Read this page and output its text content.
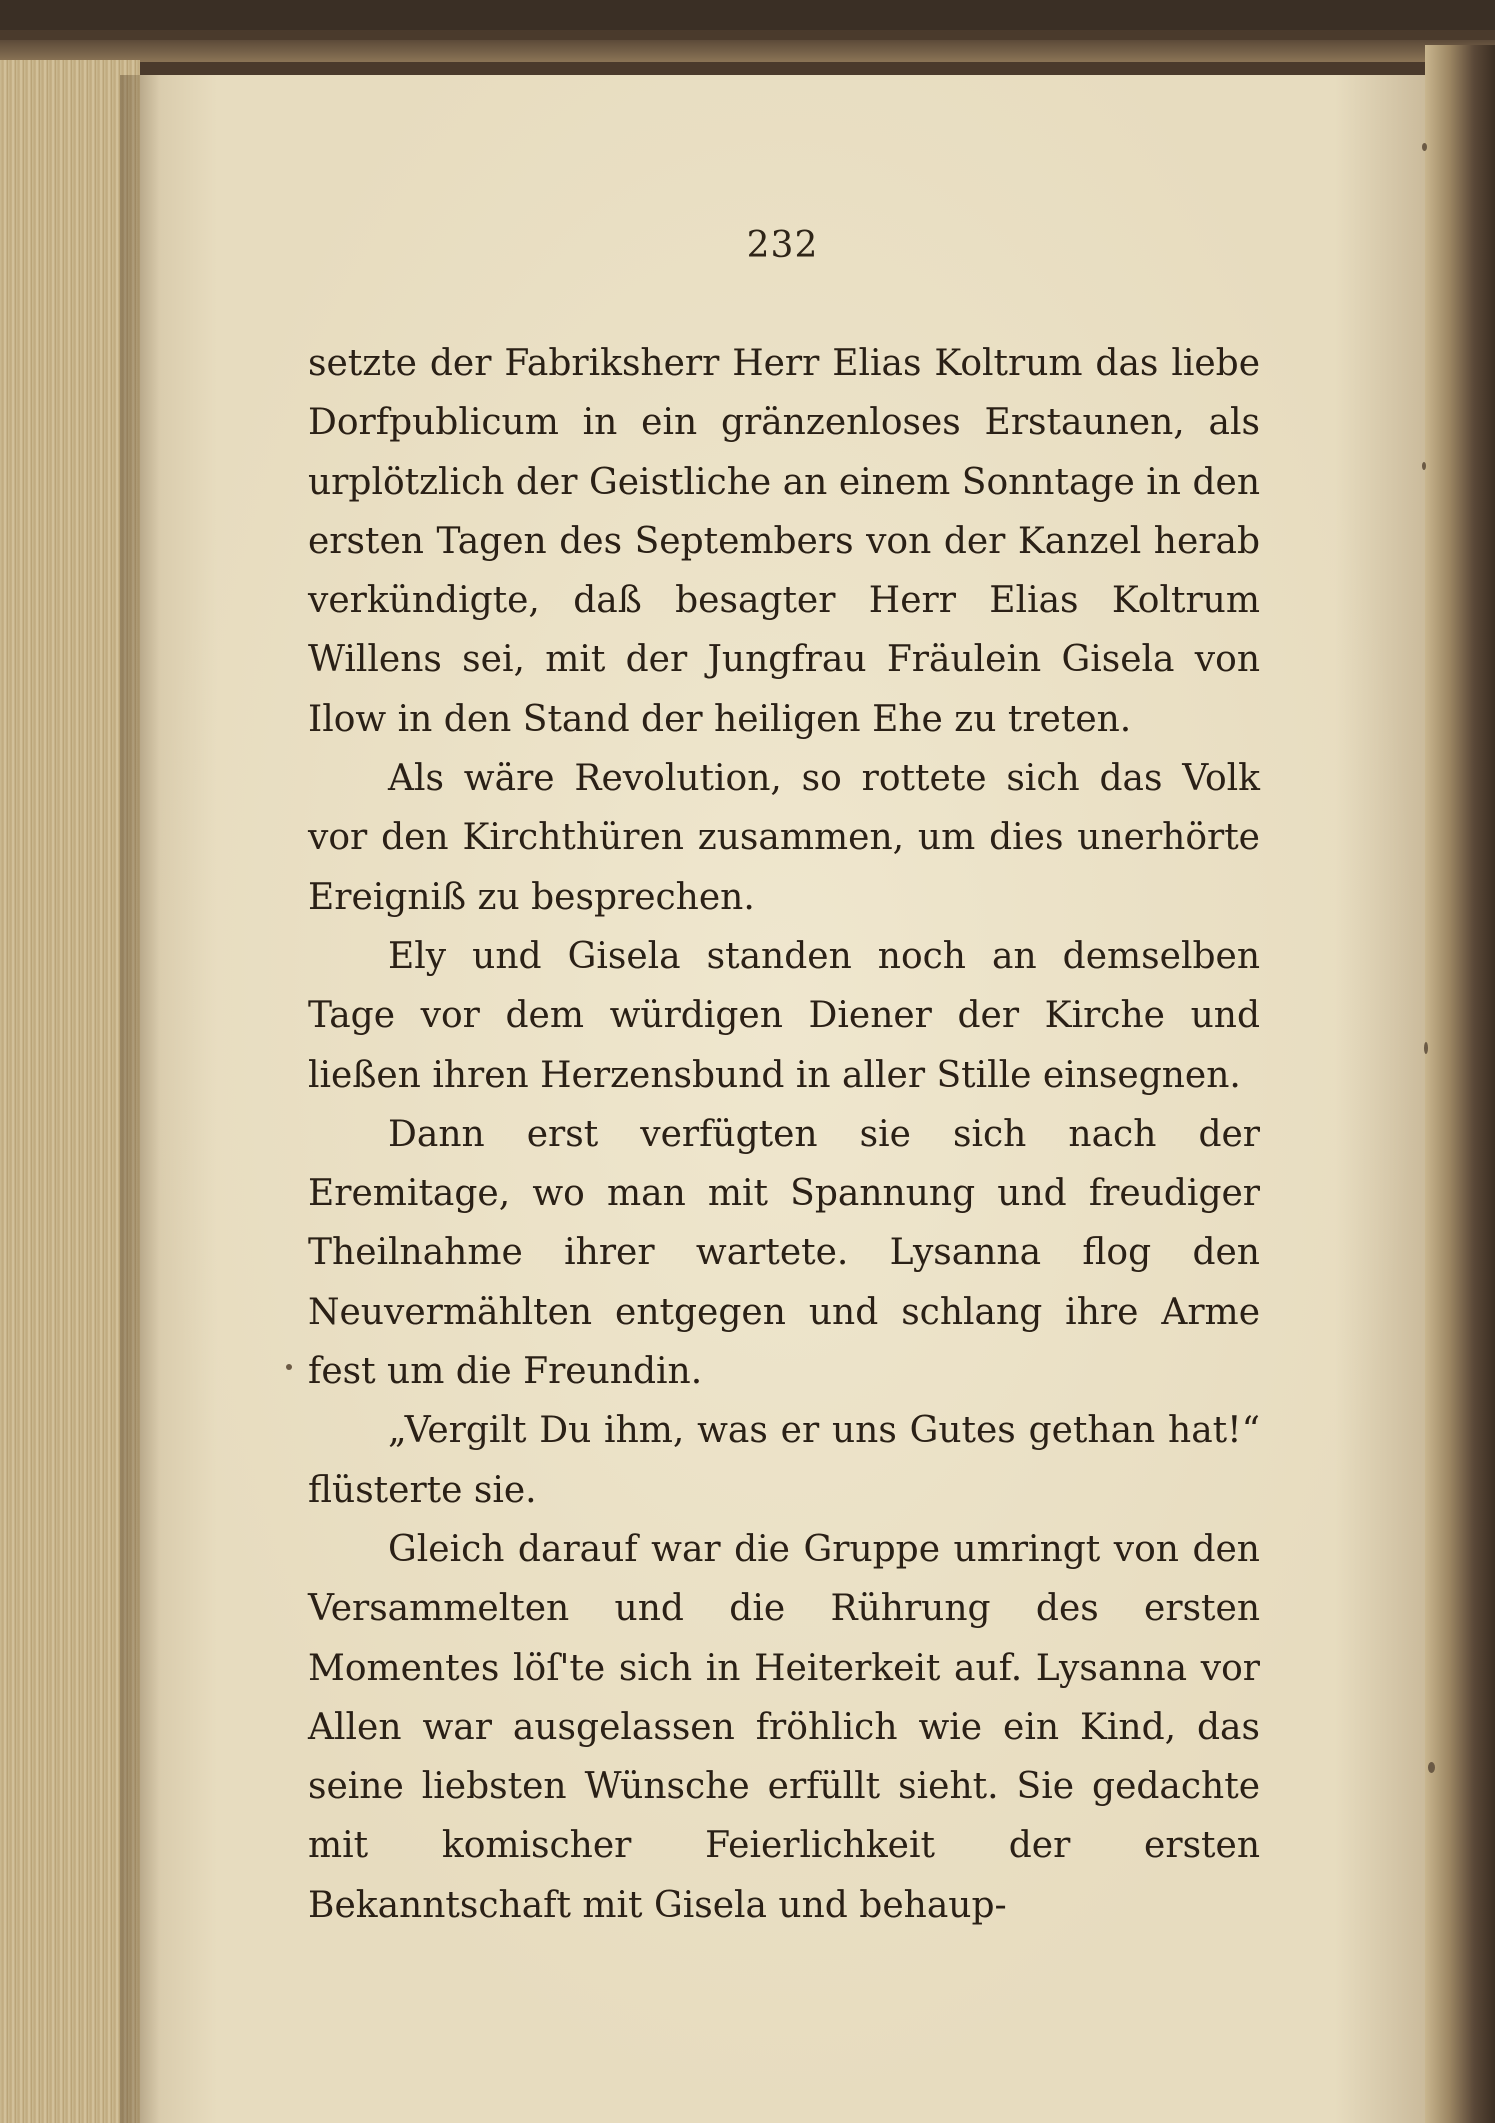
232

setzte der Fabriksherr Herr Elias Koltrum das liebe Dorfpublicum in ein gränzenloses Erstaunen, als urplötzlich der Geistliche an einem Sonntage in den ersten Tagen des Septembers von der Kanzel herab verkündigte, daß besagter Herr Elias Koltrum Willens sei, mit der Jungfrau Fräulein Gisela von Ilow in den Stand der heiligen Ehe zu treten.

Als wäre Revolution, so rottete sich das Volk vor den Kirchthüren zusammen, um dies unerhörte Ereigniß zu besprechen.

Ely und Gisela standen noch an demselben Tage vor dem würdigen Diener der Kirche und ließen ihren Herzensbund in aller Stille einsegnen.

Dann erst verfügten sie sich nach der Eremitage, wo man mit Spannung und freudiger Theilnahme ihrer wartete. Lysanna flog den Neuvermählten entgegen und schlang ihre Arme fest um die Freundin.

„Vergilt Du ihm, was er uns Gutes gethan hat!“ flüsterte sie.

Gleich darauf war die Gruppe umringt von den Versammelten und die Rührung des ersten Momentes löſ'te sich in Heiterkeit auf. Lysanna vor Allen war ausgelassen fröhlich wie ein Kind, das seine liebsten Wünsche erfüllt sieht. Sie gedachte mit komischer Feierlichkeit der ersten Bekanntschaft mit Gisela und behaup-
